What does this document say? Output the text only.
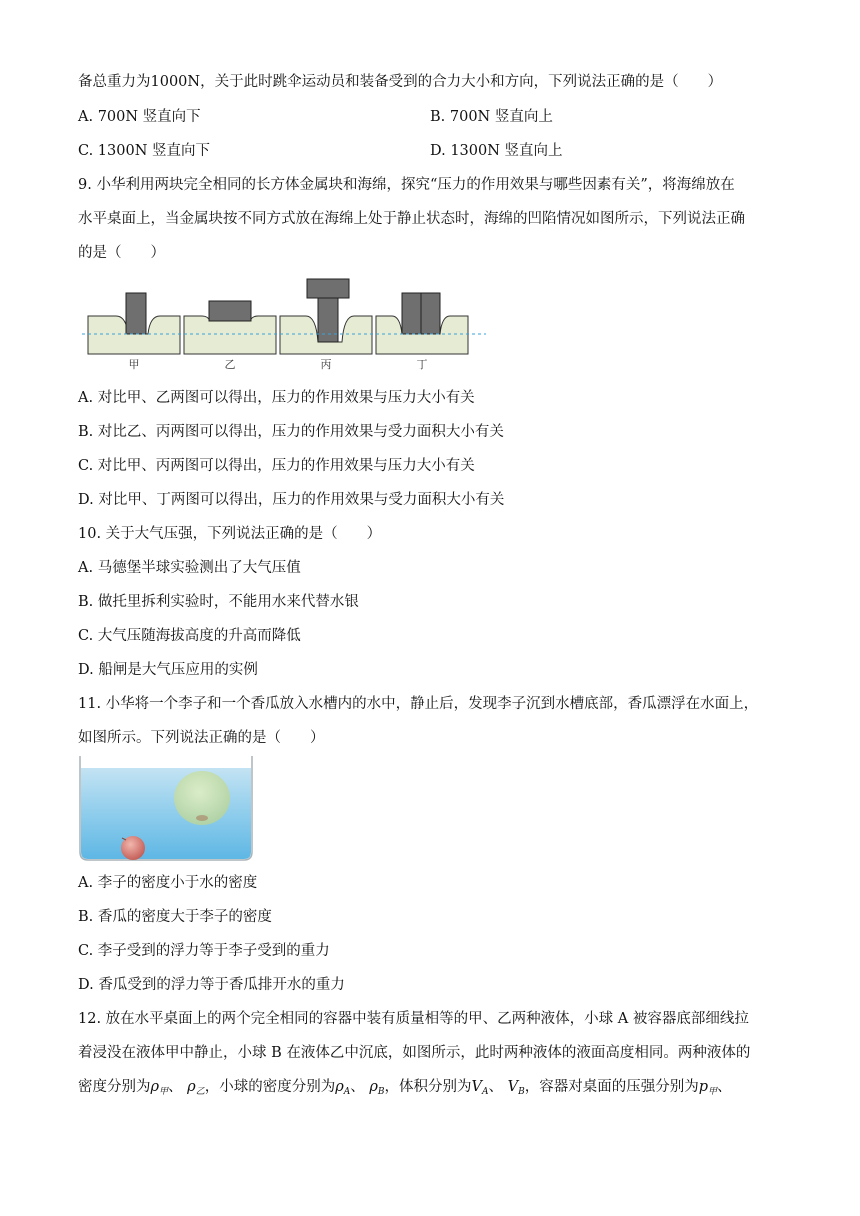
备总重力为1000N，关于此时跳伞运动员和装备受到的合力大小和方向，下列说法正确的是（　　）
A. 700N 竖直向下	B. 700N 竖直向上
C. 1300N 竖直向下	D. 1300N 竖直向上
9. 小华利用两块完全相同的长方体金属块和海绵，探究“压力的作用效果与哪些因素有关”，将海绵放在
水平桌面上，当金属块按不同方式放在海绵上处于静止状态时，海绵的凹陷情况如图所示，下列说法正确
的是（　　）
甲	乙	丙	丁
A. 对比甲、乙两图可以得出，压力的作用效果与压力大小有关
B. 对比乙、丙两图可以得出，压力的作用效果与受力面积大小有关
C. 对比甲、丙两图可以得出，压力的作用效果与压力大小有关
D. 对比甲、丁两图可以得出，压力的作用效果与受力面积大小有关
10. 关于大气压强，下列说法正确的是（　　）
A. 马德堡半球实验测出了大气压值
B. 做托里拆利实验时，不能用水来代替水银
C. 大气压随海拔高度的升高而降低
D. 船闸是大气压应用的实例
11. 小华将一个李子和一个香瓜放入水槽内的水中，静止后，发现李子沉到水槽底部，香瓜漂浮在水面上，
如图所示。下列说法正确的是（　　）
A. 李子的密度小于水的密度
B. 香瓜的密度大于李子的密度
C. 李子受到的浮力等于李子受到的重力
D. 香瓜受到的浮力等于香瓜排开水的重力
12. 放在水平桌面上的两个完全相同的容器中装有质量相等的甲、乙两种液体，小球 A 被容器底部细线拉
着浸没在液体甲中静止，小球 B 在液体乙中沉底，如图所示，此时两种液体的液面高度相同。两种液体的
密度分别为$\rho_甲$、 $\rho_乙$，小球的密度分别为$\rho_A$、 $\rho_B$，体积分别为$V_A$、 $V_B$，容器对桌面的压强分别为$p_甲$、
